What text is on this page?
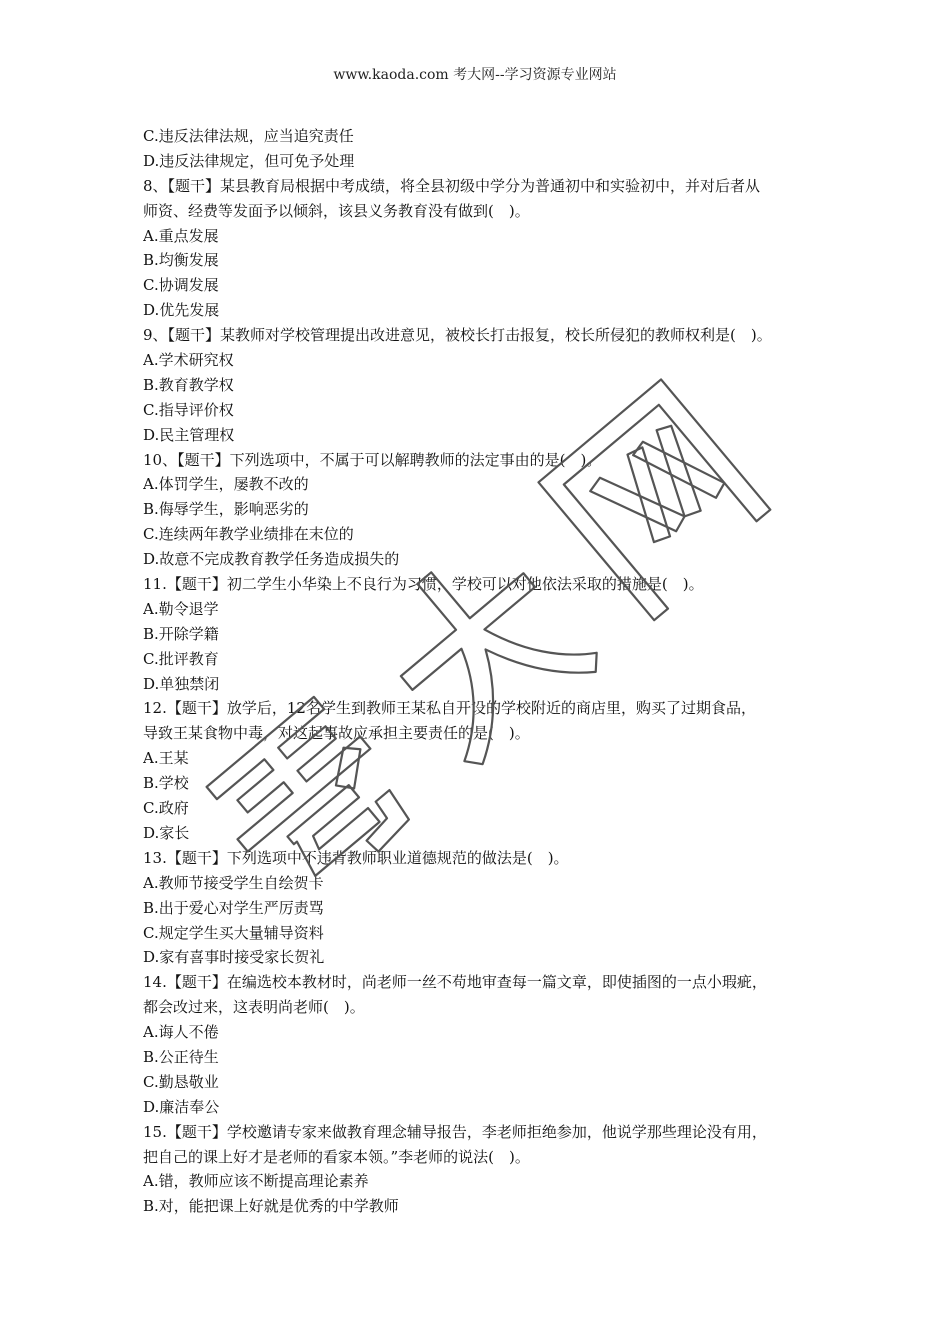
www.kaoda.com 考大网--学习资源专业网站
C.违反法律法规，应当追究责任
D.违反法律规定，但可免予处理
8、【题干】某县教育局根据中考成绩，将全县初级中学分为普通初中和实验初中，并对后者从
师资、经费等发面予以倾斜，该县义务教育没有做到(　)。
A.重点发展
B.均衡发展
C.协调发展
D.优先发展
9、【题干】某教师对学校管理提出改进意见，被校长打击报复，校长所侵犯的教师权利是(　)。
A.学术研究权
B.教育教学权
C.指导评价权
D.民主管理权
10、【题干】下列选项中，不属于可以解聘教师的法定事由的是(　)。
A.体罚学生，屡教不改的
B.侮辱学生，影响恶劣的
C.连续两年教学业绩排在末位的
D.故意不完成教育教学任务造成损失的
11.【题干】初二学生小华染上不良行为习惯，学校可以对他依法采取的措施是(　)。
A.勒令退学
B.开除学籍
C.批评教育
D.单独禁闭
12.【题干】放学后，12名学生到教师王某私自开设的学校附近的商店里，购买了过期食品，
导致王某食物中毒，对这起事故应承担主要责任的是(　)。
A.王某
B.学校
C.政府
D.家长
13.【题干】下列选项中不违背教师职业道德规范的做法是(　)。
A.教师节接受学生自绘贺卡
B.出于爱心对学生严厉责骂
C.规定学生买大量辅导资料
D.家有喜事时接受家长贺礼
14.【题干】在编选校本教材时，尚老师一丝不苟地审查每一篇文章，即使插图的一点小瑕疵，
都会改过来，这表明尚老师(　)。
A.诲人不倦
B.公正待生
C.勤恳敬业
D.廉洁奉公
15.【题干】学校邀请专家来做教育理念辅导报告，李老师拒绝参加，他说学那些理论没有用，
把自己的课上好才是老师的看家本领。”李老师的说法(　)。
A.错，教师应该不断提高理论素养
B.对，能把课上好就是优秀的中学教师
